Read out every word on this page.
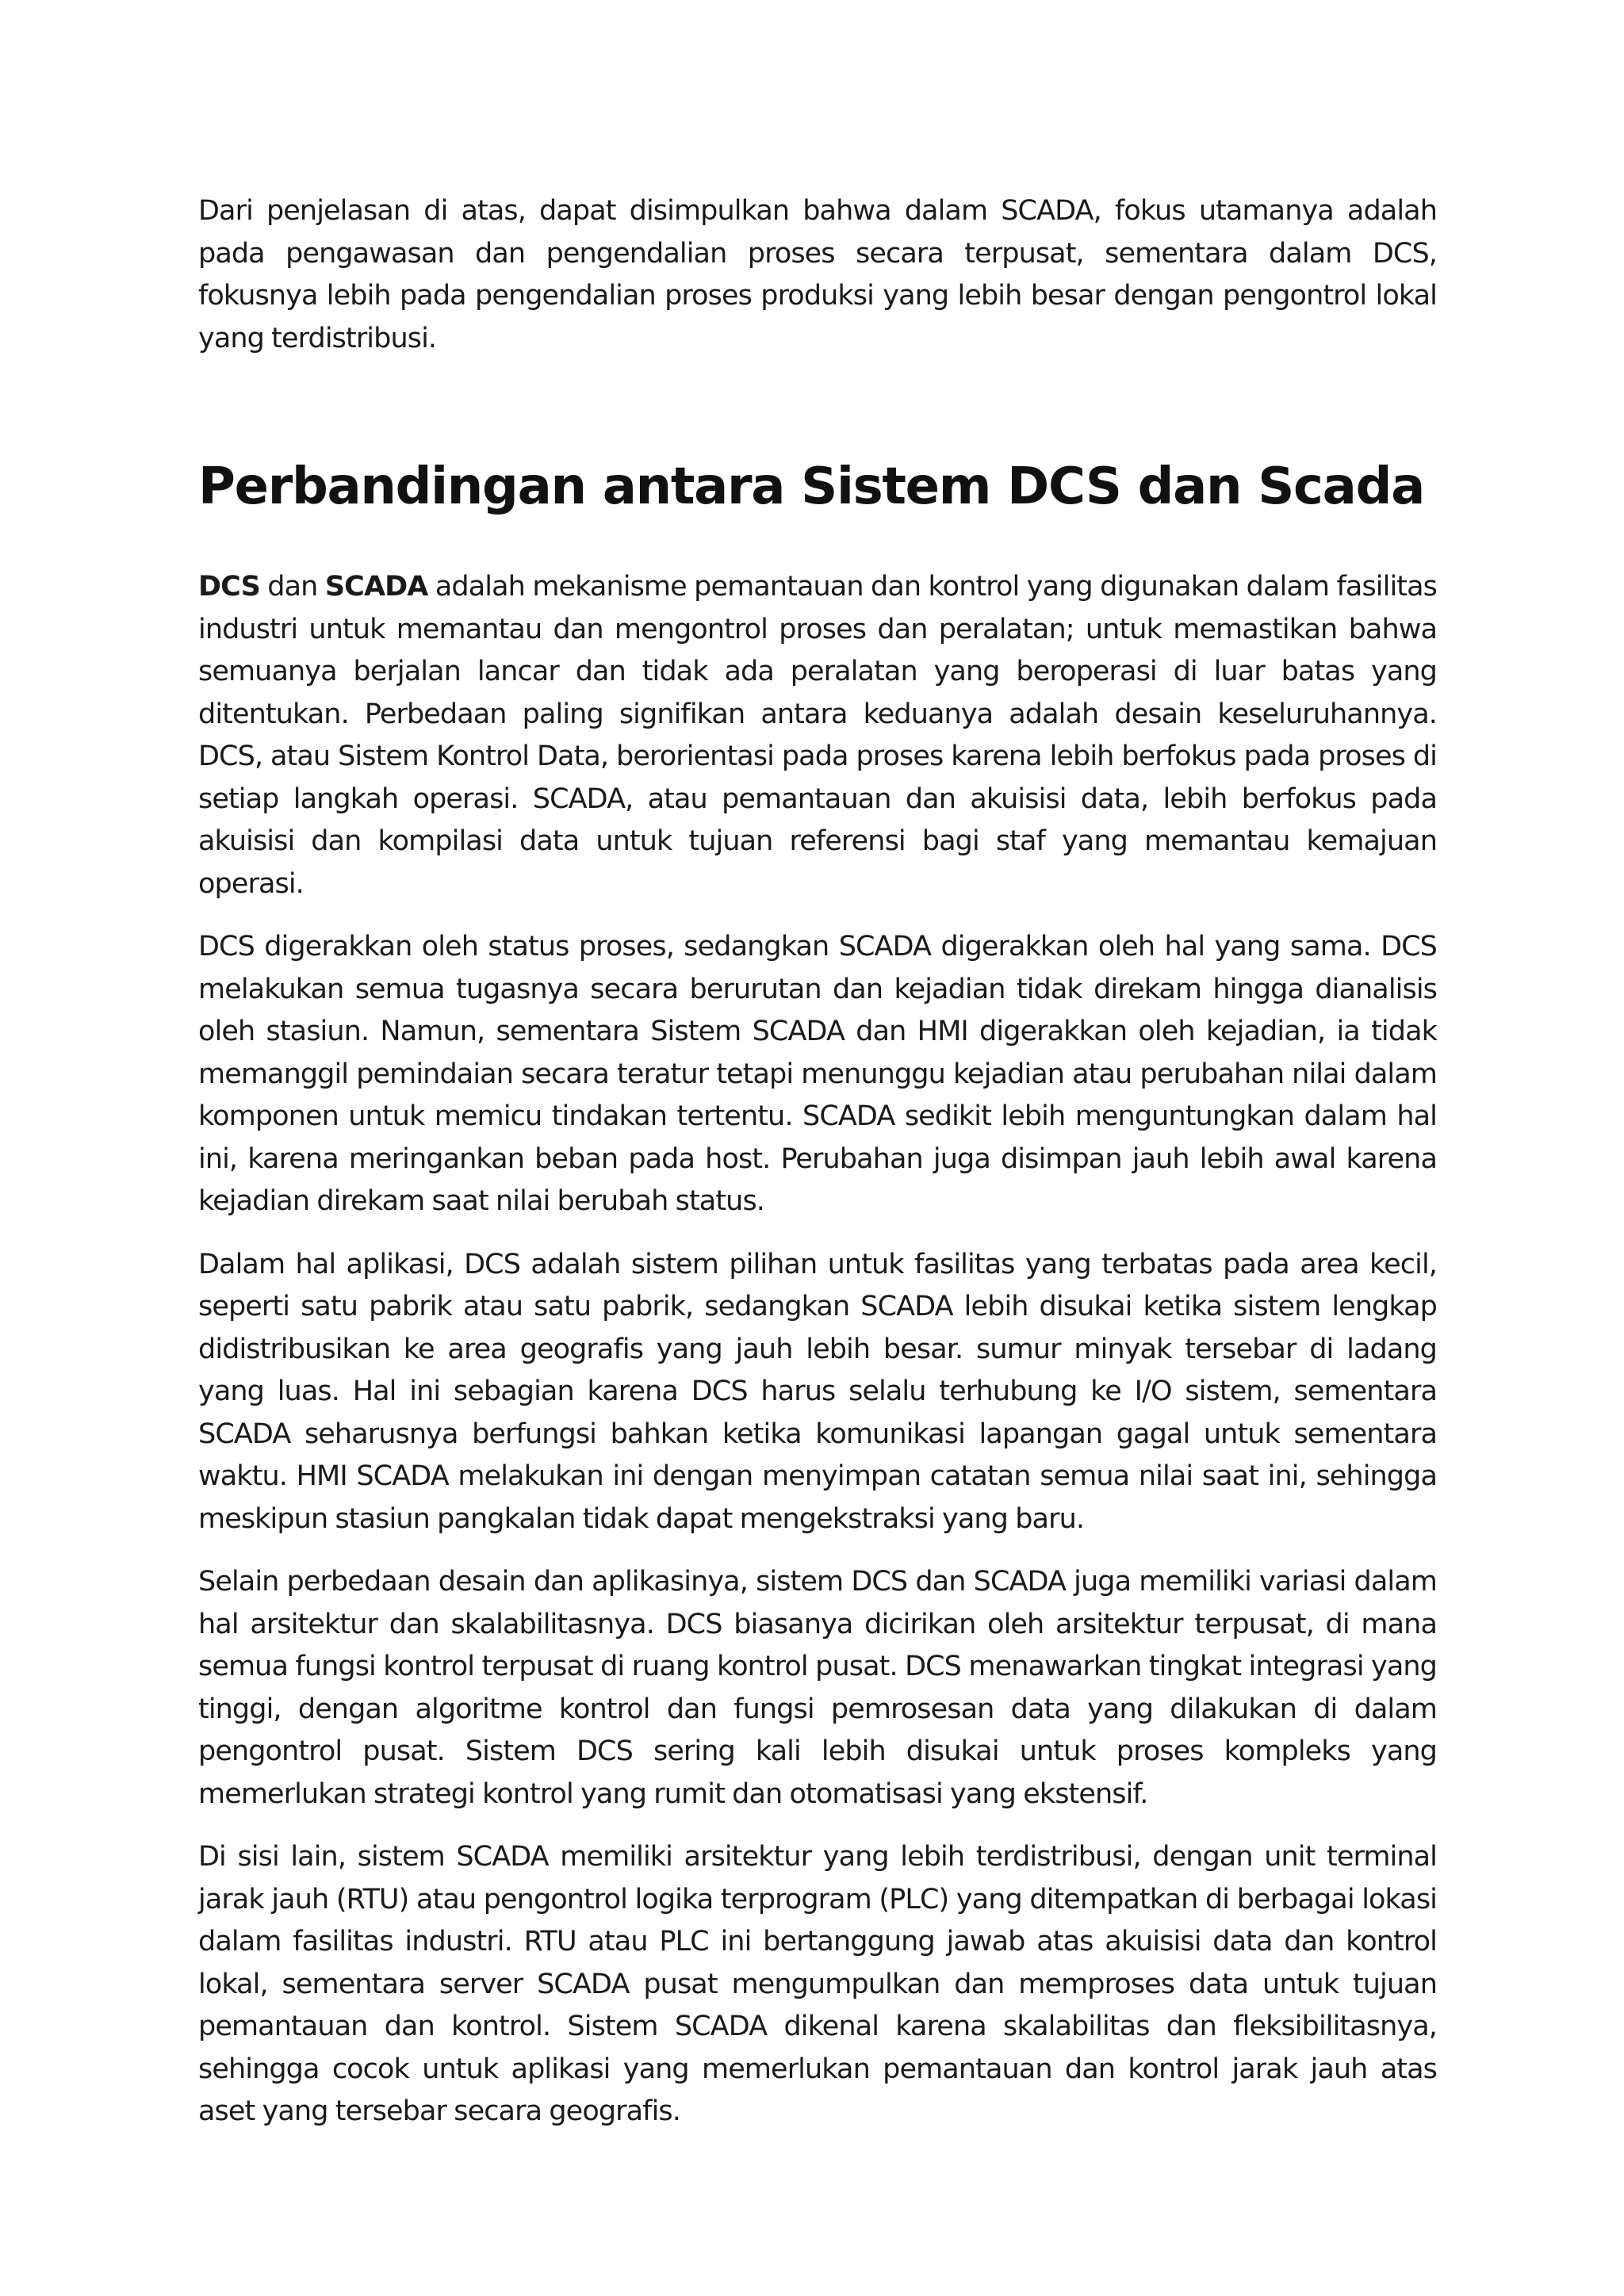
Dari penjelasan di atas, dapat disimpulkan bahwa dalam SCADA, fokus utamanya adalah pada pengawasan dan pengendalian proses secara terpusat, sementara dalam DCS, fokusnya lebih pada pengendalian proses produksi yang lebih besar dengan pengontrol lokal yang terdistribusi.

Perbandingan antara Sistem DCS dan Scada

DCS dan SCADA adalah mekanisme pemantauan dan kontrol yang digunakan dalam fasilitas industri untuk memantau dan mengontrol proses dan peralatan; untuk memastikan bahwa semuanya berjalan lancar dan tidak ada peralatan yang beroperasi di luar batas yang ditentukan. Perbedaan paling signifikan antara keduanya adalah desain keseluruhannya. DCS, atau Sistem Kontrol Data, berorientasi pada proses karena lebih berfokus pada proses di setiap langkah operasi. SCADA, atau pemantauan dan akuisisi data, lebih berfokus pada akuisisi dan kompilasi data untuk tujuan referensi bagi staf yang memantau kemajuan operasi.

DCS digerakkan oleh status proses, sedangkan SCADA digerakkan oleh hal yang sama. DCS melakukan semua tugasnya secara berurutan dan kejadian tidak direkam hingga dianalisis oleh stasiun. Namun, sementara Sistem SCADA dan HMI digerakkan oleh kejadian, ia tidak memanggil pemindaian secara teratur tetapi menunggu kejadian atau perubahan nilai dalam komponen untuk memicu tindakan tertentu. SCADA sedikit lebih menguntungkan dalam hal ini, karena meringankan beban pada host. Perubahan juga disimpan jauh lebih awal karena kejadian direkam saat nilai berubah status.

Dalam hal aplikasi, DCS adalah sistem pilihan untuk fasilitas yang terbatas pada area kecil, seperti satu pabrik atau satu pabrik, sedangkan SCADA lebih disukai ketika sistem lengkap didistribusikan ke area geografis yang jauh lebih besar. sumur minyak tersebar di ladang yang luas. Hal ini sebagian karena DCS harus selalu terhubung ke I/O sistem, sementara SCADA seharusnya berfungsi bahkan ketika komunikasi lapangan gagal untuk sementara waktu. HMI SCADA melakukan ini dengan menyimpan catatan semua nilai saat ini, sehingga meskipun stasiun pangkalan tidak dapat mengekstraksi yang baru.

Selain perbedaan desain dan aplikasinya, sistem DCS dan SCADA juga memiliki variasi dalam hal arsitektur dan skalabilitasnya. DCS biasanya dicirikan oleh arsitektur terpusat, di mana semua fungsi kontrol terpusat di ruang kontrol pusat. DCS menawarkan tingkat integrasi yang tinggi, dengan algoritme kontrol dan fungsi pemrosesan data yang dilakukan di dalam pengontrol pusat. Sistem DCS sering kali lebih disukai untuk proses kompleks yang memerlukan strategi kontrol yang rumit dan otomatisasi yang ekstensif.

Di sisi lain, sistem SCADA memiliki arsitektur yang lebih terdistribusi, dengan unit terminal jarak jauh (RTU) atau pengontrol logika terprogram (PLC) yang ditempatkan di berbagai lokasi dalam fasilitas industri. RTU atau PLC ini bertanggung jawab atas akuisisi data dan kontrol lokal, sementara server SCADA pusat mengumpulkan dan memproses data untuk tujuan pemantauan dan kontrol. Sistem SCADA dikenal karena skalabilitas dan fleksibilitasnya, sehingga cocok untuk aplikasi yang memerlukan pemantauan dan kontrol jarak jauh atas aset yang tersebar secara geografis.
